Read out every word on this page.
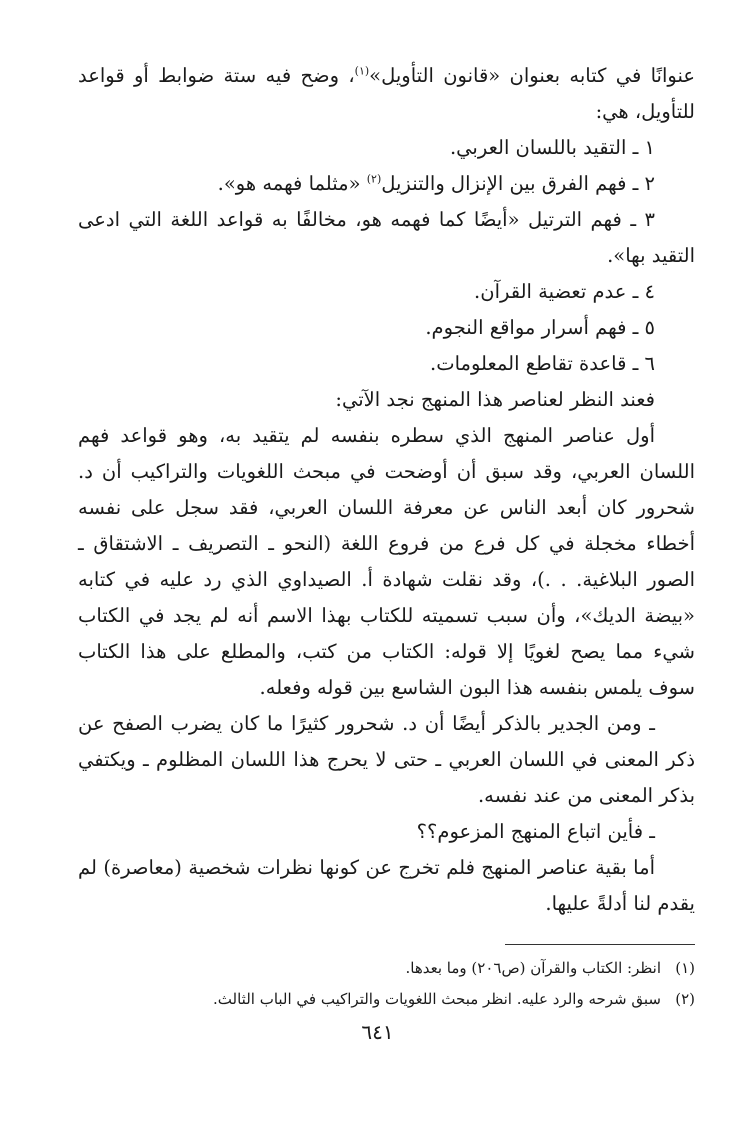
عنوانًا في كتابه بعنوان «قانون التأويل»$^{(١)}$، وضح فيه ستة ضوابط أو قواعد للتأويل، هي:

١ ـ التقيد باللسان العربي.

٢ ـ فهم الفرق بين الإنزال والتنزيل$^{(٢)}$ «مثلما فهمه هو».

٣ ـ فهم الترتيل «أيضًا كما فهمه هو، مخالفًا به قواعد اللغة التي ادعى التقيد بها».

٤ ـ عدم تعضية القرآن.

٥ ـ فهم أسرار مواقع النجوم.

٦ ـ قاعدة تقاطع المعلومات.

فعند النظر لعناصر هذا المنهج نجد الآتي:

أول عناصر المنهج الذي سطره بنفسه لم يتقيد به، وهو قواعد فهم اللسان العربي، وقد سبق أن أوضحت في مبحث اللغويات والتراكيب أن د. شحرور كان أبعد الناس عن معرفة اللسان العربي، فقد سجل على نفسه أخطاء مخجلة في كل فرع من فروع اللغة (النحو ـ التصريف ـ الاشتقاق ـ الصور البلاغية. . .)، وقد نقلت شهادة أ. الصيداوي الذي رد عليه في كتابه «بيضة الديك»، وأن سبب تسميته للكتاب بهذا الاسم أنه لم يجد في الكتاب شيء مما يصح لغويًا إلا قوله: الكتاب من كتب، والمطلع على هذا الكتاب سوف يلمس بنفسه هذا البون الشاسع بين قوله وفعله.

ـ ومن الجدير بالذكر أيضًا أن د. شحرور كثيرًا ما كان يضرب الصفح عن ذكر المعنى في اللسان العربي ـ حتى لا يحرج هذا اللسان المظلوم ـ ويكتفي بذكر المعنى من عند نفسه.

ـ فأين اتباع المنهج المزعوم؟؟

أما بقية عناصر المنهج فلم تخرج عن كونها نظرات شخصية (معاصرة) لم يقدم لنا أدلةً عليها.

(١)انظر: الكتاب والقرآن (ص٢٠٦) وما بعدها.

(٢)سبق شرحه والرد عليه. انظر مبحث اللغويات والتراكيب في الباب الثالث.

٦٤١
